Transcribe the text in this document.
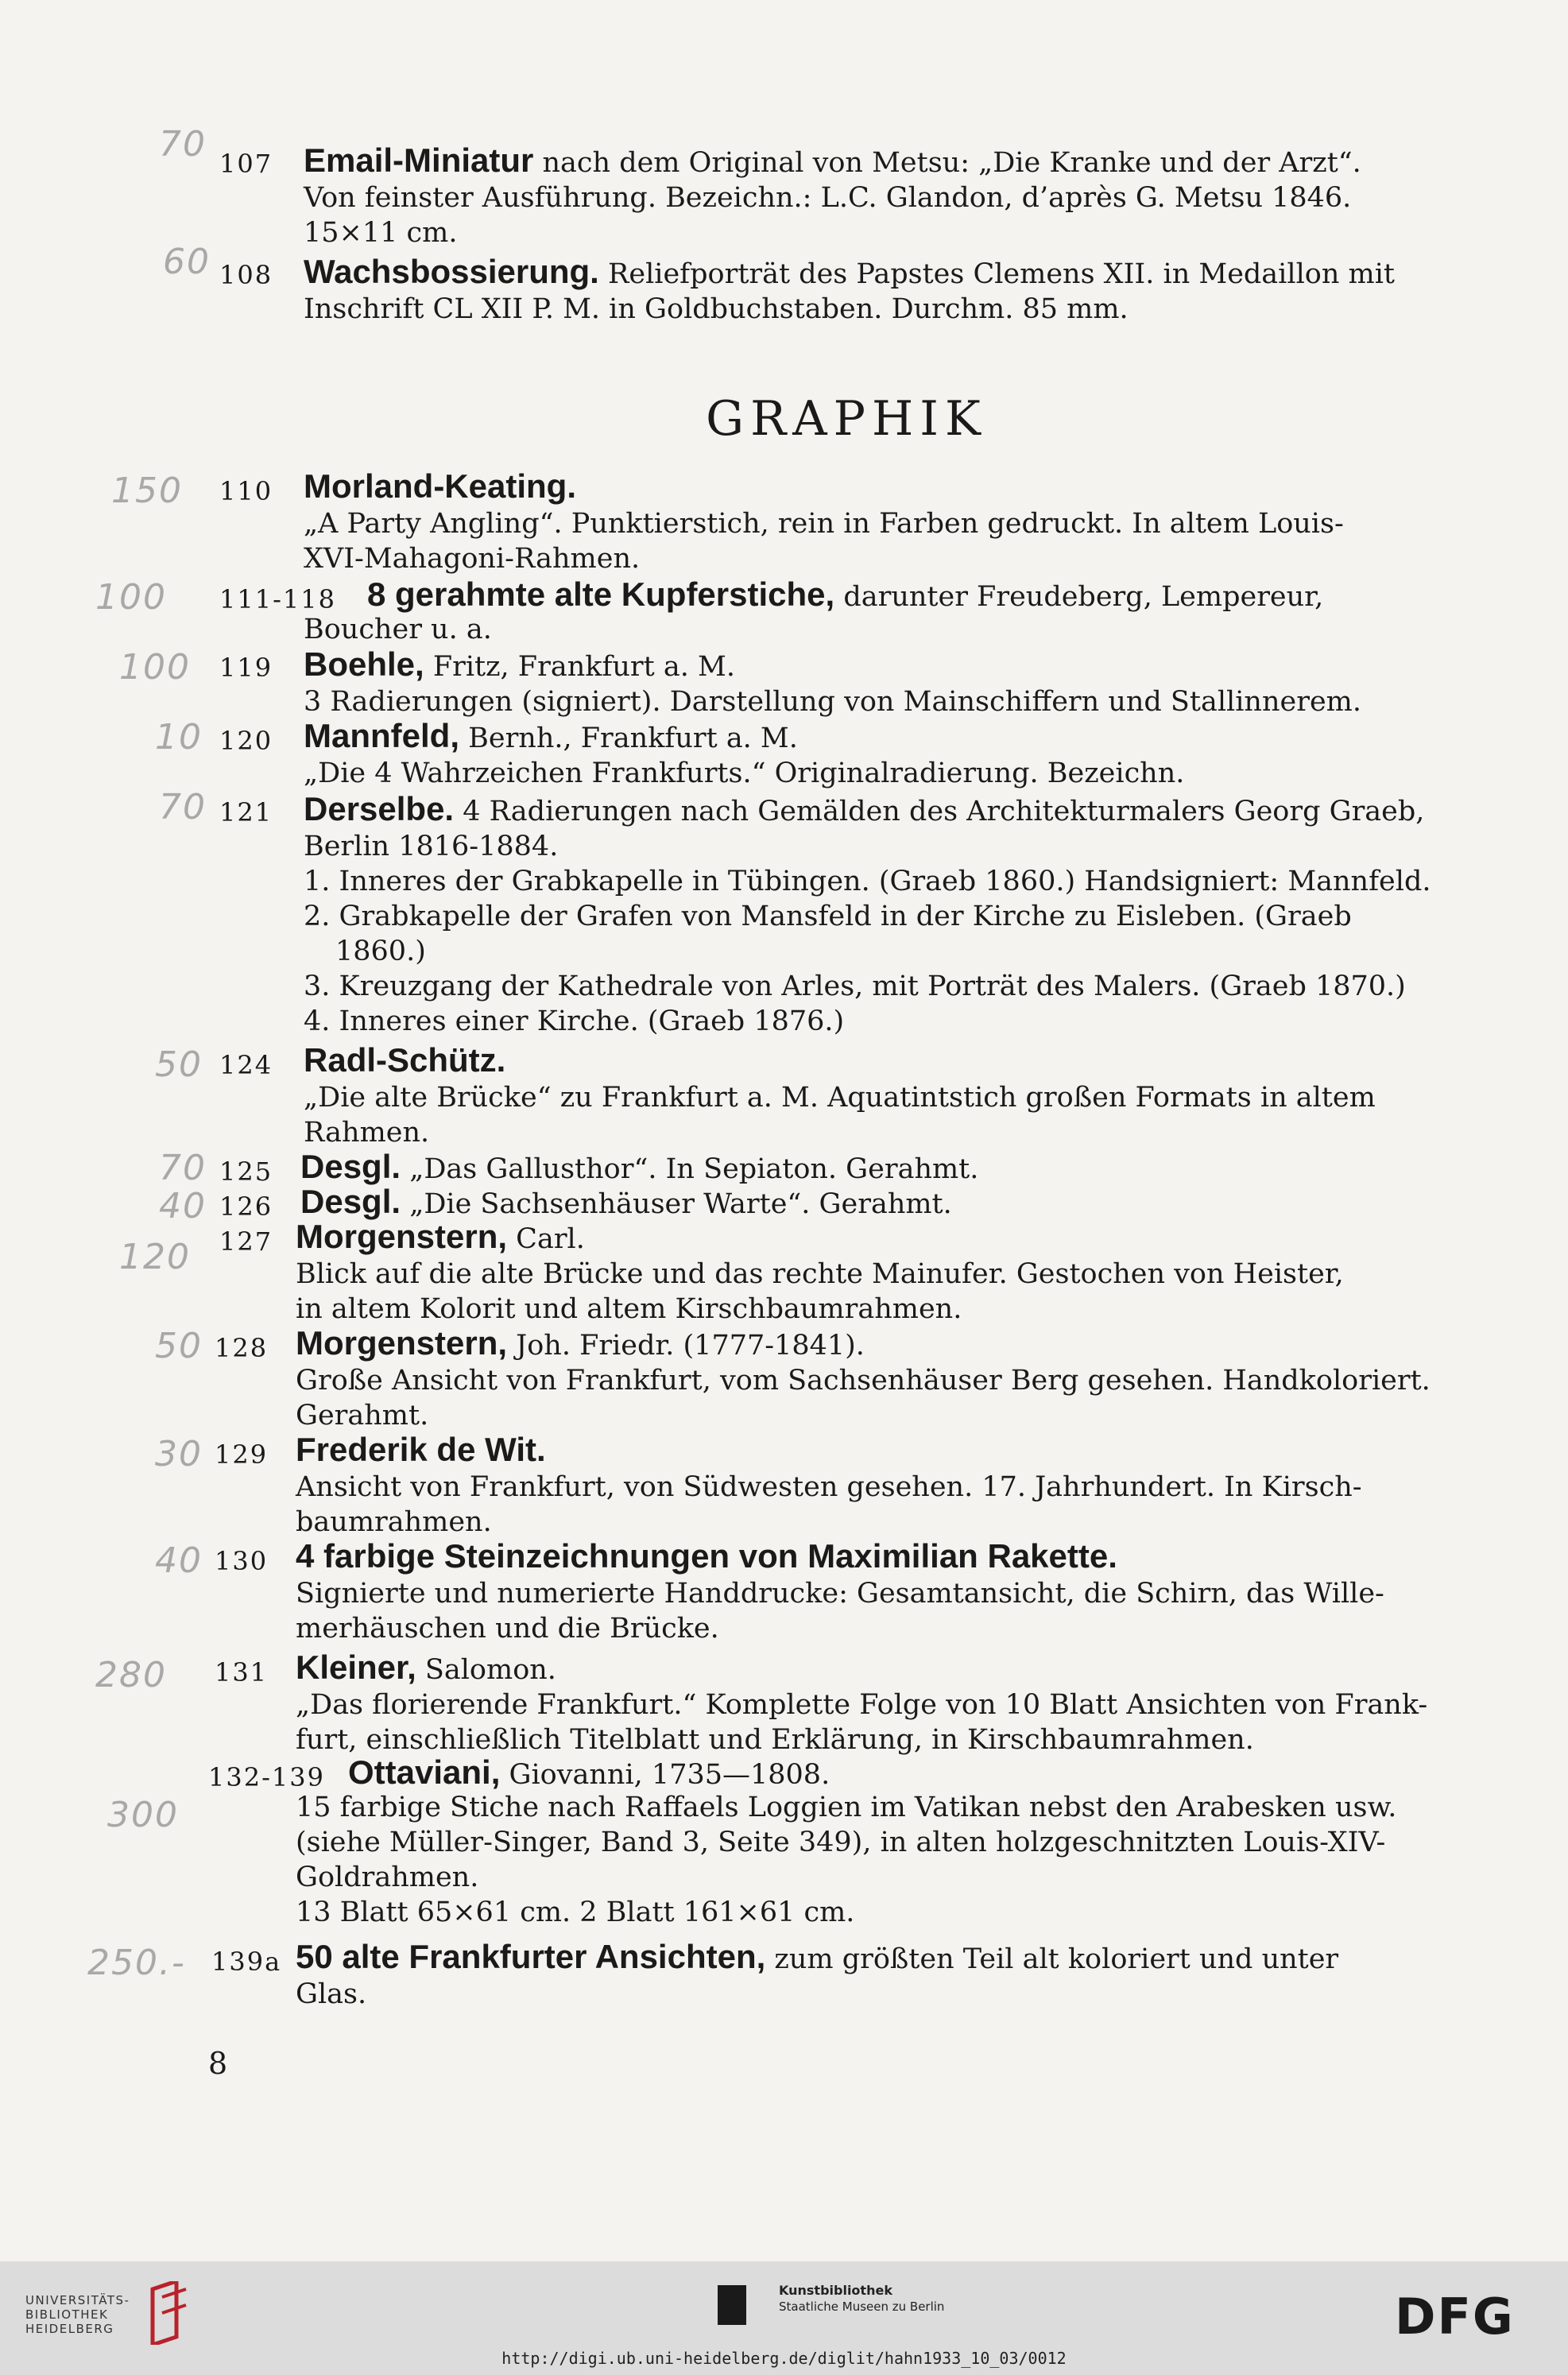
70 107 Email-Miniatur nach dem Original von Metsu: „Die Kranke und der Arzt“.
Von feinster Ausführung. Bezeichn.: L.C. Glandon, d’après G. Metsu 1846.
15×11 cm.
60 108 Wachsbossierung. Reliefporträt des Papstes Clemens XII. in Medaillon mit
Inschrift CL XII P. M. in Goldbuchstaben. Durchm. 85 mm.
GRAPHIK
150 110 Morland-Keating.
„A Party Angling“. Punktierstich, rein in Farben gedruckt. In altem Louis-
XVI-Mahagoni-Rahmen.
100 111-118 8 gerahmte alte Kupferstiche, darunter Freudeberg, Lempereur,
Boucher u. a.
100 119 Boehle, Fritz, Frankfurt a. M.
3 Radierungen (signiert). Darstellung von Mainschiffern und Stallinnerem.
10 120 Mannfeld, Bernh., Frankfurt a. M.
„Die 4 Wahrzeichen Frankfurts.“ Originalradierung. Bezeichn.
70 121 Derselbe. 4 Radierungen nach Gemälden des Architekturmalers Georg Graeb,
Berlin 1816-1884.
1. Inneres der Grabkapelle in Tübingen. (Graeb 1860.) Handsigniert: Mannfeld.
2. Grabkapelle der Grafen von Mansfeld in der Kirche zu Eisleben. (Graeb
1860.)
3. Kreuzgang der Kathedrale von Arles, mit Porträt des Malers. (Graeb 1870.)
4. Inneres einer Kirche. (Graeb 1876.)
50 124 Radl-Schütz.
„Die alte Brücke“ zu Frankfurt a. M. Aquatintstich großen Formats in altem
Rahmen.
70 125 Desgl. „Das Gallusthor“. In Sepiaton. Gerahmt.
40 126 Desgl. „Die Sachsenhäuser Warte“. Gerahmt.
120 127 Morgenstern, Carl.
Blick auf die alte Brücke und das rechte Mainufer. Gestochen von Heister,
in altem Kolorit und altem Kirschbaumrahmen.
50 128 Morgenstern, Joh. Friedr. (1777-1841).
Große Ansicht von Frankfurt, vom Sachsenhäuser Berg gesehen. Handkoloriert.
Gerahmt.
30 129 Frederik de Wit.
Ansicht von Frankfurt, von Südwesten gesehen. 17. Jahrhundert. In Kirsch-
baumrahmen.
40 130 4 farbige Steinzeichnungen von Maximilian Rakette.
Signierte und numerierte Handdrucke: Gesamtansicht, die Schirn, das Wille-
merhäuschen und die Brücke.
280 131 Kleiner, Salomon.
„Das florierende Frankfurt.“ Komplette Folge von 10 Blatt Ansichten von Frank-
furt, einschließlich Titelblatt und Erklärung, in Kirschbaumrahmen.
300
132-139 Ottaviani, Giovanni, 1735—1808.
15 farbige Stiche nach Raffaels Loggien im Vatikan nebst den Arabesken usw.
(siehe Müller-Singer, Band 3, Seite 349), in alten holzgeschnitzten Louis-XIV-
Goldrahmen.
13 Blatt 65×61 cm. 2 Blatt 161×61 cm.
250.- 139a 50 alte Frankfurter Ansichten, zum größten Teil alt koloriert und unter
Glas.
8
UNIVERSITÄTS-
BIBLIOTHEK
HEIDELBERG
Kunstbibliothek
Staatliche Museen zu Berlin	DFG
http://digi.ub.uni-heidelberg.de/diglit/hahn1933_10_03/0012
